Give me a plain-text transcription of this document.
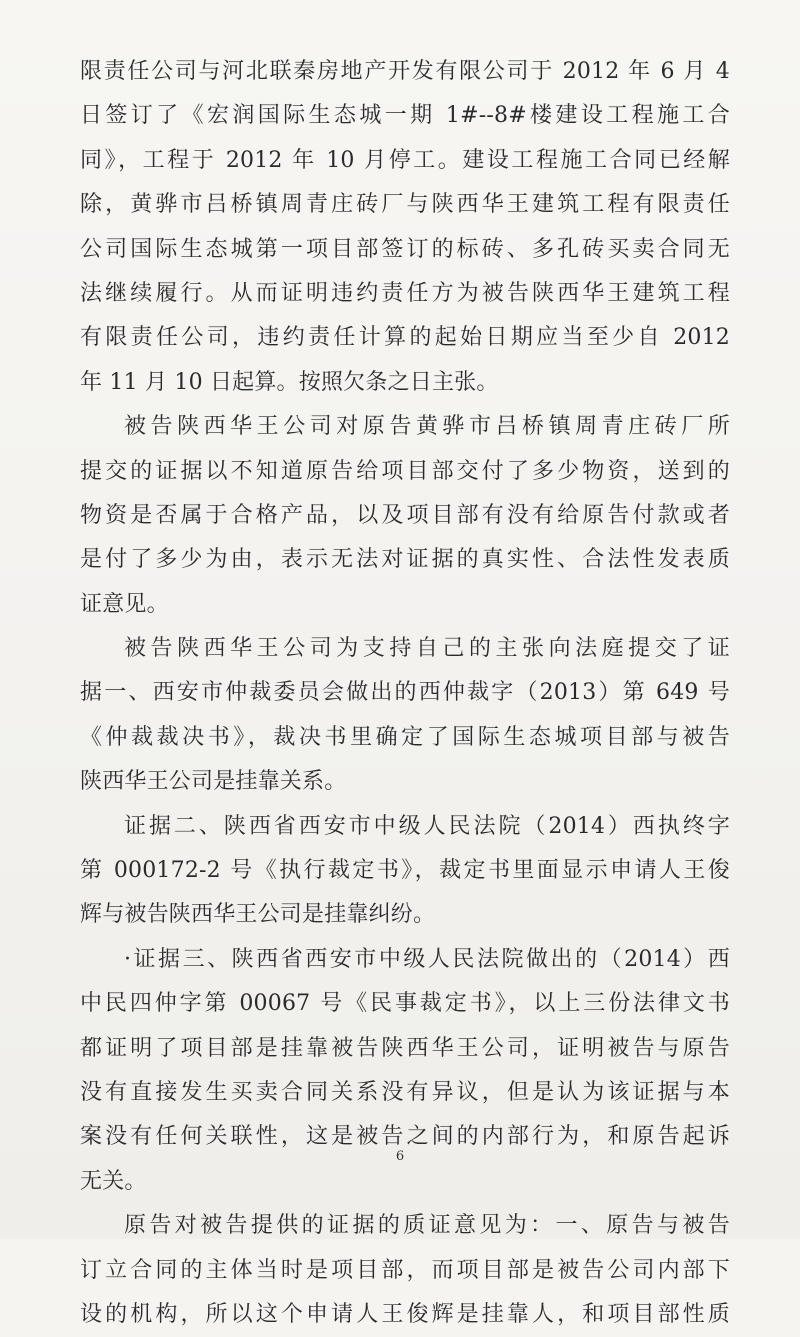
限责任公司与河北联秦房地产开发有限公司于 2012 年 6 月 4
日签订了《宏润国际生态城一期 1#--8#楼建设工程施工合
同》，工程于 2012 年 10 月停工。建设工程施工合同已经解
除，黄骅市吕桥镇周青庄砖厂与陕西华王建筑工程有限责任
公司国际生态城第一项目部签订的标砖、多孔砖买卖合同无
法继续履行。从而证明违约责任方为被告陕西华王建筑工程
有限责任公司，违约责任计算的起始日期应当至少自 2012
年 11 月 10 日起算。按照欠条之日主张。
被告陕西华王公司对原告黄骅市吕桥镇周青庄砖厂所
提交的证据以不知道原告给项目部交付了多少物资，送到的
物资是否属于合格产品，以及项目部有没有给原告付款或者
是付了多少为由，表示无法对证据的真实性、合法性发表质
证意见。
被告陕西华王公司为支持自己的主张向法庭提交了证
据一、西安市仲裁委员会做出的西仲裁字（2013）第 649 号
《仲裁裁决书》，裁决书里确定了国际生态城项目部与被告
陕西华王公司是挂靠关系。
证据二、陕西省西安市中级人民法院（2014）西执终字
第 000172-2 号《执行裁定书》，裁定书里面显示申请人王俊
辉与被告陕西华王公司是挂靠纠纷。
·证据三、陕西省西安市中级人民法院做出的（2014）西
中民四仲字第 00067 号《民事裁定书》，以上三份法律文书
都证明了项目部是挂靠被告陕西华王公司，证明被告与原告
没有直接发生买卖合同关系没有异议，但是认为该证据与本
案没有任何关联性，这是被告之间的内部行为，和原告起诉
无关。
原告对被告提供的证据的质证意见为：一、原告与被告
订立合同的主体当时是项目部，而项目部是被告公司内部下
设的机构，所以这个申请人王俊辉是挂靠人，和项目部性质
6
